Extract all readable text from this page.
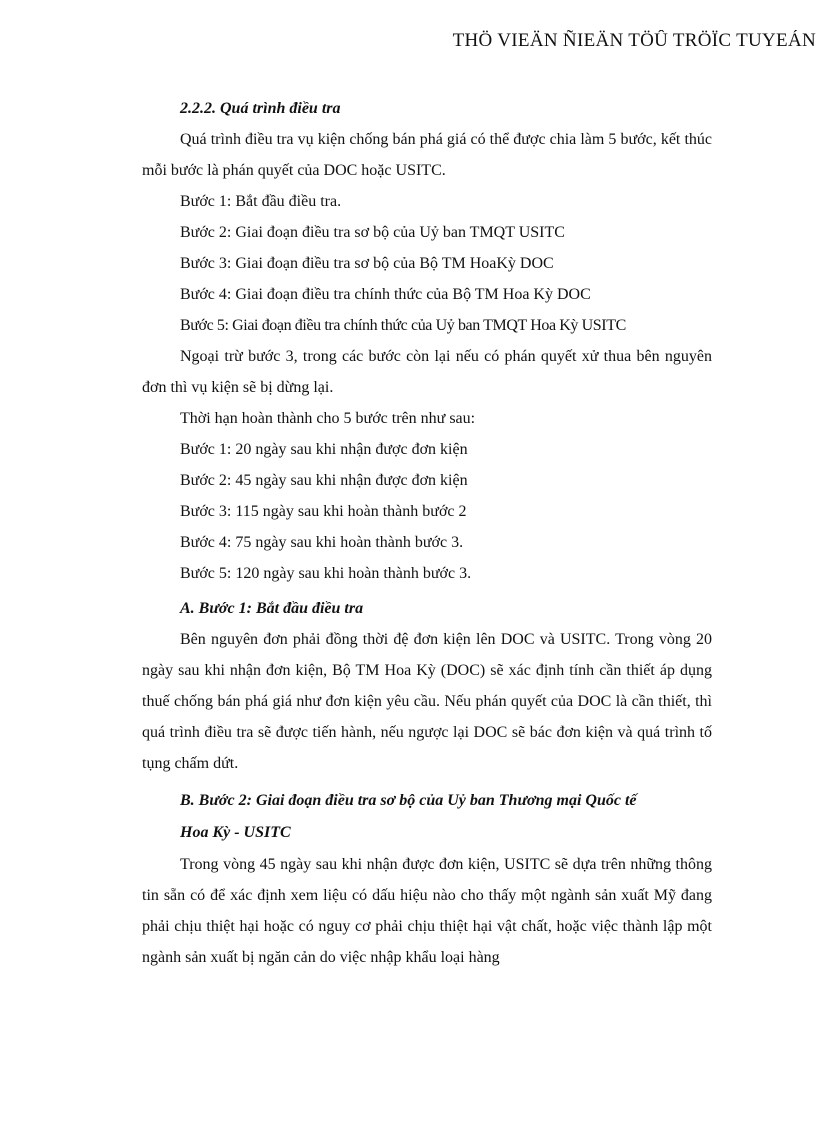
THÖ VIEÄN ÑIEÄN TÖÛ TRÖÏC TUYEÁN

2.2.2. Quá trình điều tra

Quá trình điều tra vụ kiện chống bán phá giá có thể được chia làm 5 bước, kết thúc mỗi bước là phán quyết của DOC hoặc USITC.

Bước 1: Bắt đầu điều tra.

Bước 2: Giai đoạn điều tra sơ bộ của Uỷ ban TMQT USITC

Bước 3: Giai đoạn điều tra sơ bộ của Bộ TM HoaKỳ DOC

Bước 4: Giai đoạn điều tra chính thức của Bộ TM Hoa Kỳ DOC

Bước 5: Giai đoạn điều tra chính thức của Uỷ ban TMQT Hoa Kỳ USITC

Ngoại trừ bước 3, trong các bước còn lại nếu có phán quyết xử thua bên nguyên đơn thì vụ kiện sẽ bị dừng lại.

Thời hạn hoàn thành cho 5 bước trên như sau:

Bước 1: 20 ngày sau khi nhận được đơn kiện

Bước 2: 45 ngày sau khi nhận được đơn kiện

Bước 3: 115 ngày sau khi hoàn thành bước 2

Bước 4: 75 ngày sau khi hoàn thành bước 3.

Bước 5: 120 ngày sau khi hoàn thành bước 3.

A. Bước 1: Bắt đầu điều tra

Bên nguyên đơn phải đồng thời đệ đơn kiện lên DOC và USITC. Trong vòng 20 ngày sau khi nhận đơn kiện, Bộ TM Hoa Kỳ (DOC) sẽ xác định tính cần thiết áp dụng thuế chống bán phá giá như đơn kiện yêu cầu. Nếu phán quyết của DOC là cần thiết, thì quá trình điều tra sẽ được tiến hành, nếu ngược lại DOC sẽ bác đơn kiện và quá trình tố tụng chấm dứt.

B. Bước 2: Giai đoạn điều tra sơ bộ của Uỷ ban Thương mại Quốc tế

Hoa Kỳ - USITC

Trong vòng 45 ngày sau khi nhận được đơn kiện, USITC sẽ dựa trên những thông tin sẵn có để xác định xem liệu có dấu hiệu nào cho thấy một ngành sản xuất Mỹ đang phải chịu thiệt hại hoặc có nguy cơ phải chịu thiệt hại vật chất, hoặc việc thành lập một ngành sản xuất bị ngăn cản do việc nhập khẩu loại hàng
